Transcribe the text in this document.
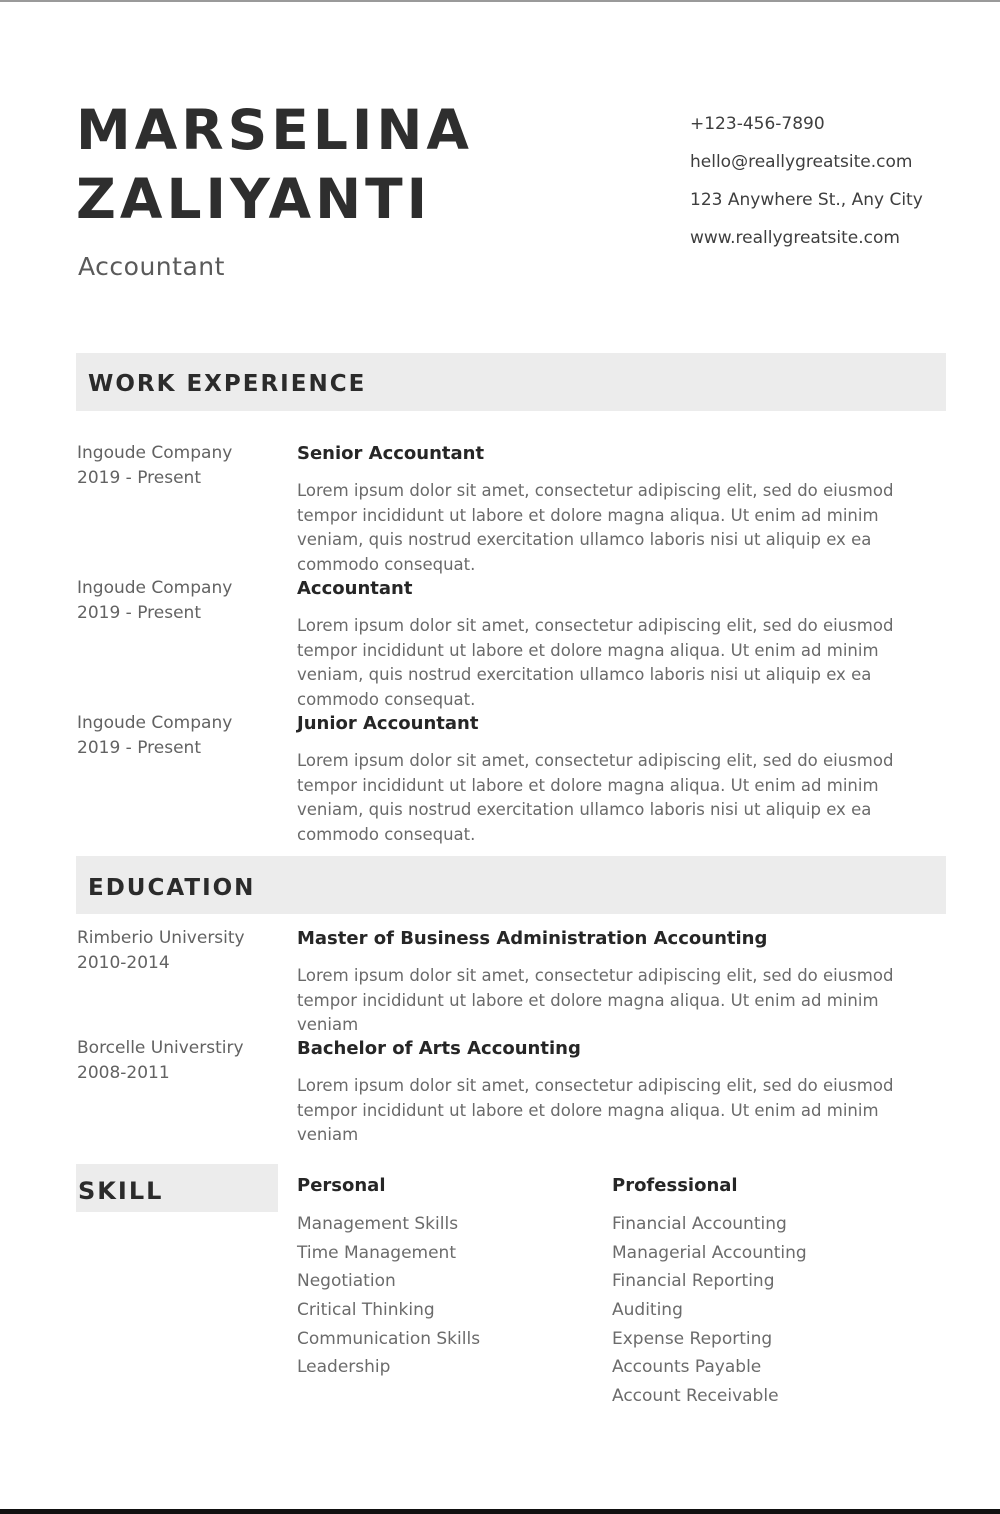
MARSELINA
ZALIYANTI
Accountant
+123-456-7890
hello@reallygreatsite.com
123 Anywhere St., Any City
www.reallygreatsite.com
WORK EXPERIENCE
Ingoude Company
2019 - Present
Senior Accountant

Lorem ipsum dolor sit amet, consectetur adipiscing elit, sed do eiusmod tempor incididunt ut labore et dolore magna aliqua. Ut enim ad minim veniam, quis nostrud exercitation ullamco laboris nisi ut aliquip ex ea commodo consequat.

Ingoude Company
2019 - Present
Accountant

Lorem ipsum dolor sit amet, consectetur adipiscing elit, sed do eiusmod tempor incididunt ut labore et dolore magna aliqua. Ut enim ad minim veniam, quis nostrud exercitation ullamco laboris nisi ut aliquip ex ea commodo consequat.

Ingoude Company
2019 - Present
Junior Accountant

Lorem ipsum dolor sit amet, consectetur adipiscing elit, sed do eiusmod tempor incididunt ut labore et dolore magna aliqua. Ut enim ad minim veniam, quis nostrud exercitation ullamco laboris nisi ut aliquip ex ea commodo consequat.

EDUCATION
Rimberio University
2010-2014
Master of Business Administration Accounting

Lorem ipsum dolor sit amet, consectetur adipiscing elit, sed do eiusmod tempor incididunt ut labore et dolore magna aliqua. Ut enim ad minim veniam

Borcelle Universtiry
2008-2011
Bachelor of Arts Accounting

Lorem ipsum dolor sit amet, consectetur adipiscing elit, sed do eiusmod tempor incididunt ut labore et dolore magna aliqua. Ut enim ad minim veniam

SKILL	Personal
Management Skills
Time Management
Negotiation
Critical Thinking
Communication Skills
Leadership
Professional
Financial Accounting
Managerial Accounting
Financial Reporting
Auditing
Expense Reporting
Accounts Payable
Account Receivable
